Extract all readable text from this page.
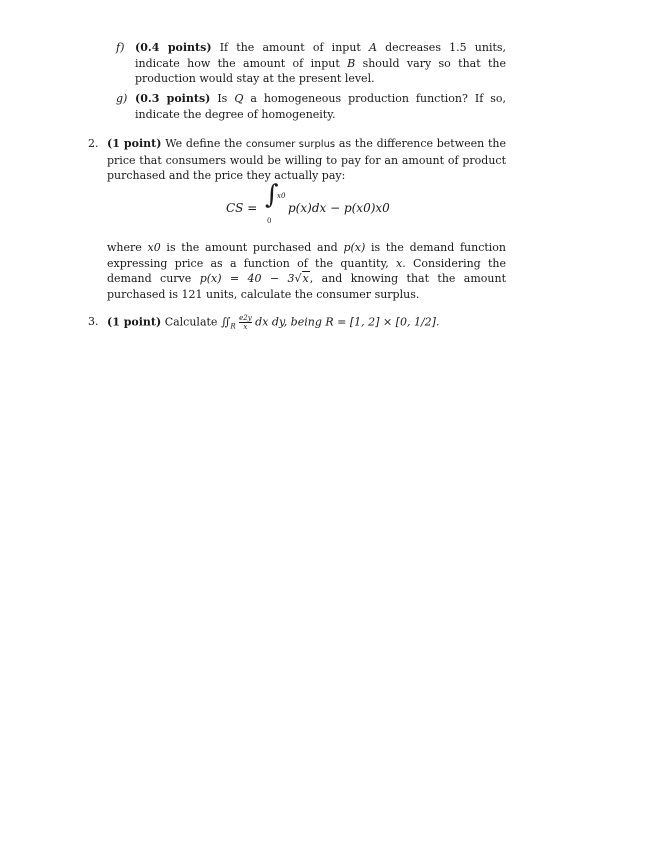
f) (0.4 points) If the amount of input A decreases 1.5 units, indicate how the amount of input B should vary so that the production would stay at the present level.
g) (0.3 points) Is Q a homogeneous production function? If so, indicate the degree of homogeneity.
2. (1 point) We define the consumer surplus as the difference between the price that consumers would be willing to pay for an amount of product purchased and the price they actually pay:
CS = ∫
x0
0
p(x)dx − p(x0)x0
where x0 is the amount purchased and p(x) is the demand function expressing price as a function of the quantity, x. Considering the demand curve p(x) = 40 − 3√x, and knowing that the amount purchased is 121 units, calculate the consumer surplus.
3. (1 point) Calculate $∬_R \frac{e2y}{x}$ dx dy, being R = [1, 2] × [0, 1/2].
